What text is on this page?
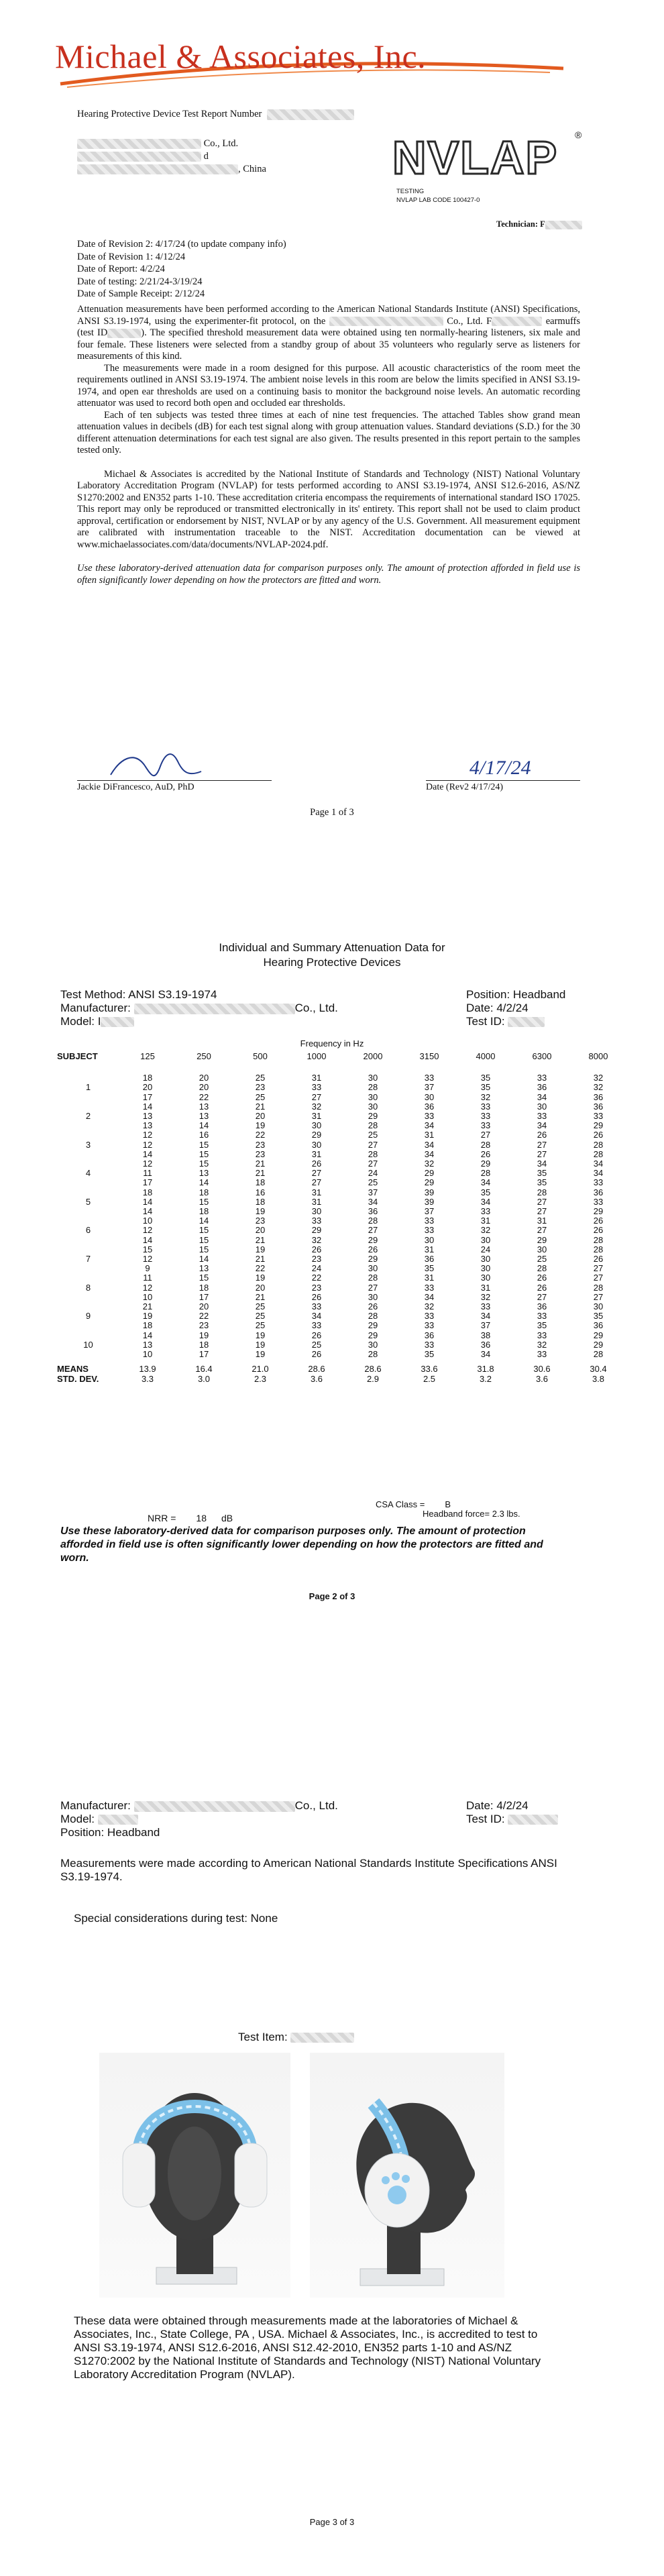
Michael & Associates, Inc.
Hearing Protective Device Test Report Number
Co., Ltd.
d
, China	NVLAP ®
TESTING
NVLAP LAB CODE 100427-0
Technician: F
Date of Revision 2: 4/17/24 (to update company info)
Date of Revision 1: 4/12/24
Date of Report: 4/2/24
Date of testing: 2/21/24-3/19/24
Date of Sample Receipt: 2/12/24

Attenuation measurements have been performed according to the American National Standards Institute (ANSI) Specifications, ANSI S3.19-1974, using the experimenter-fit protocol, on the	Co., Ltd. F	earmuffs (test ID	). The specified threshold measurement data were obtained using ten normally-hearing listeners, six male and four female. These listeners were selected from a standby group of about 35 volunteers who regularly serve as listeners for measurements of this kind.

The measurements were made in a room designed for this purpose. All acoustic characteristics of the room meet the requirements outlined in ANSI S3.19-1974. The ambient noise levels in this room are below the limits specified in ANSI S3.19-1974, and open ear thresholds are used on a continuing basis to monitor the background noise levels. An automatic recording attenuator was used to record both open and occluded ear thresholds.

Each of ten subjects was tested three times at each of nine test frequencies. The attached Tables show grand mean attenuation values in decibels (dB) for each test signal along with group attenuation values. Standard deviations (S.D.) for the 30 different attenuation determinations for each test signal are also given. The results presented in this report pertain to the samples tested only.

Michael & Associates is accredited by the National Institute of Standards and Technology (NIST) National Voluntary Laboratory Accreditation Program (NVLAP) for tests performed according to ANSI S3.19-1974, ANSI S12.6-2016, AS/NZ S1270:2002 and EN352 parts 1-10. These accreditation criteria encompass the requirements of international standard ISO 17025. This report may only be reproduced or transmitted electronically in its' entirety. This report shall not be used to claim product approval, certification or endorsement by NIST, NVLAP or by any agency of the U.S. Government. All measurement equipment are calibrated with instrumentation traceable to the NIST. Accreditation documentation can be viewed at www.michaelassociates.com/data/documents/NVLAP-2024.pdf.

Use these laboratory-derived attenuation data for comparison purposes only. The amount of protection afforded in field use is often significantly lower depending on how the protectors are fitted and worn.

Jackie DiFrancesco, AuD, PhD
4/17/24
Date (Rev2 4/17/24)
Page 1 of 3
Individual and Summary Attenuation Data for
Hearing Protective Devices
Test Method: ANSI S3.19-1974
Manufacturer:	Co., Ltd.
Model: I
Position: Headband
Date: 4/2/24
Test ID:
Frequency in Hz
SUBJECT	125	250	500	1000	2000	3150	4000	6300	8000

	18	20	25	31	30	33	35	33	32
1	20	20	23	33	28	37	35	36	32
	17	22	25	27	30	30	32	34	36
	14	13	21	32	30	36	33	30	36
2	13	13	20	31	29	33	33	33	33
	13	14	19	30	28	34	33	34	29
	12	16	22	29	25	31	27	26	26
3	12	15	23	30	27	34	28	27	28
	14	15	23	31	28	34	26	27	28
	12	15	21	26	27	32	29	34	34
4	11	13	21	27	24	29	28	35	34
	17	14	18	27	25	29	34	35	33
	18	18	16	31	37	39	35	28	36
5	14	15	18	31	34	39	34	27	33
	14	18	19	30	36	37	33	27	29
	10	14	23	33	28	33	31	31	26
6	12	15	20	29	27	33	32	27	26
	14	15	21	32	29	30	30	29	28
	15	15	19	26	26	31	24	30	28
7	12	14	21	23	29	36	30	25	26
	9	13	22	24	30	35	30	28	27
	11	15	19	22	28	31	30	26	27
8	12	18	20	23	27	33	31	26	28
	10	17	21	26	30	34	32	27	27
	21	20	25	33	26	32	33	36	30
9	19	22	25	34	28	33	34	33	35
	18	23	25	33	29	33	37	35	36
	14	19	19	26	29	36	38	33	29
10	13	18	19	25	30	33	36	32	29
	10	17	19	26	28	35	34	33	28

MEANS	13.9	16.4	21.0	28.6	28.6	33.6	31.8	30.6	30.4
STD. DEV.	3.3	3.0	2.3	3.6	2.9	2.5	3.2	3.6	3.8
CSA Class = B
Headband force= 2.3 lbs.
NRR = 18 dB
Use these laboratory-derived data for comparison purposes only. The amount of protection afforded in field use is often significantly lower depending on how the protectors are fitted and worn.
Page 2 of 3
Manufacturer:	Co., Ltd.
Model:
Position: Headband
Date: 4/2/24
Test ID:
Measurements were made according to American National Standards Institute Specifications ANSI S3.19-1974.
Special considerations during test: None
Test Item:
These data were obtained through measurements made at the laboratories of Michael & Associates, Inc., State College, PA , USA. Michael & Associates, Inc., is accredited to test to ANSI S3.19-1974, ANSI S12.6-2016, ANSI S12.42-2010, EN352 parts 1-10 and AS/NZ S1270:2002 by the National Institute of Standards and Technology (NIST) National Voluntary Laboratory Accreditation Program (NVLAP).
Page 3 of 3
